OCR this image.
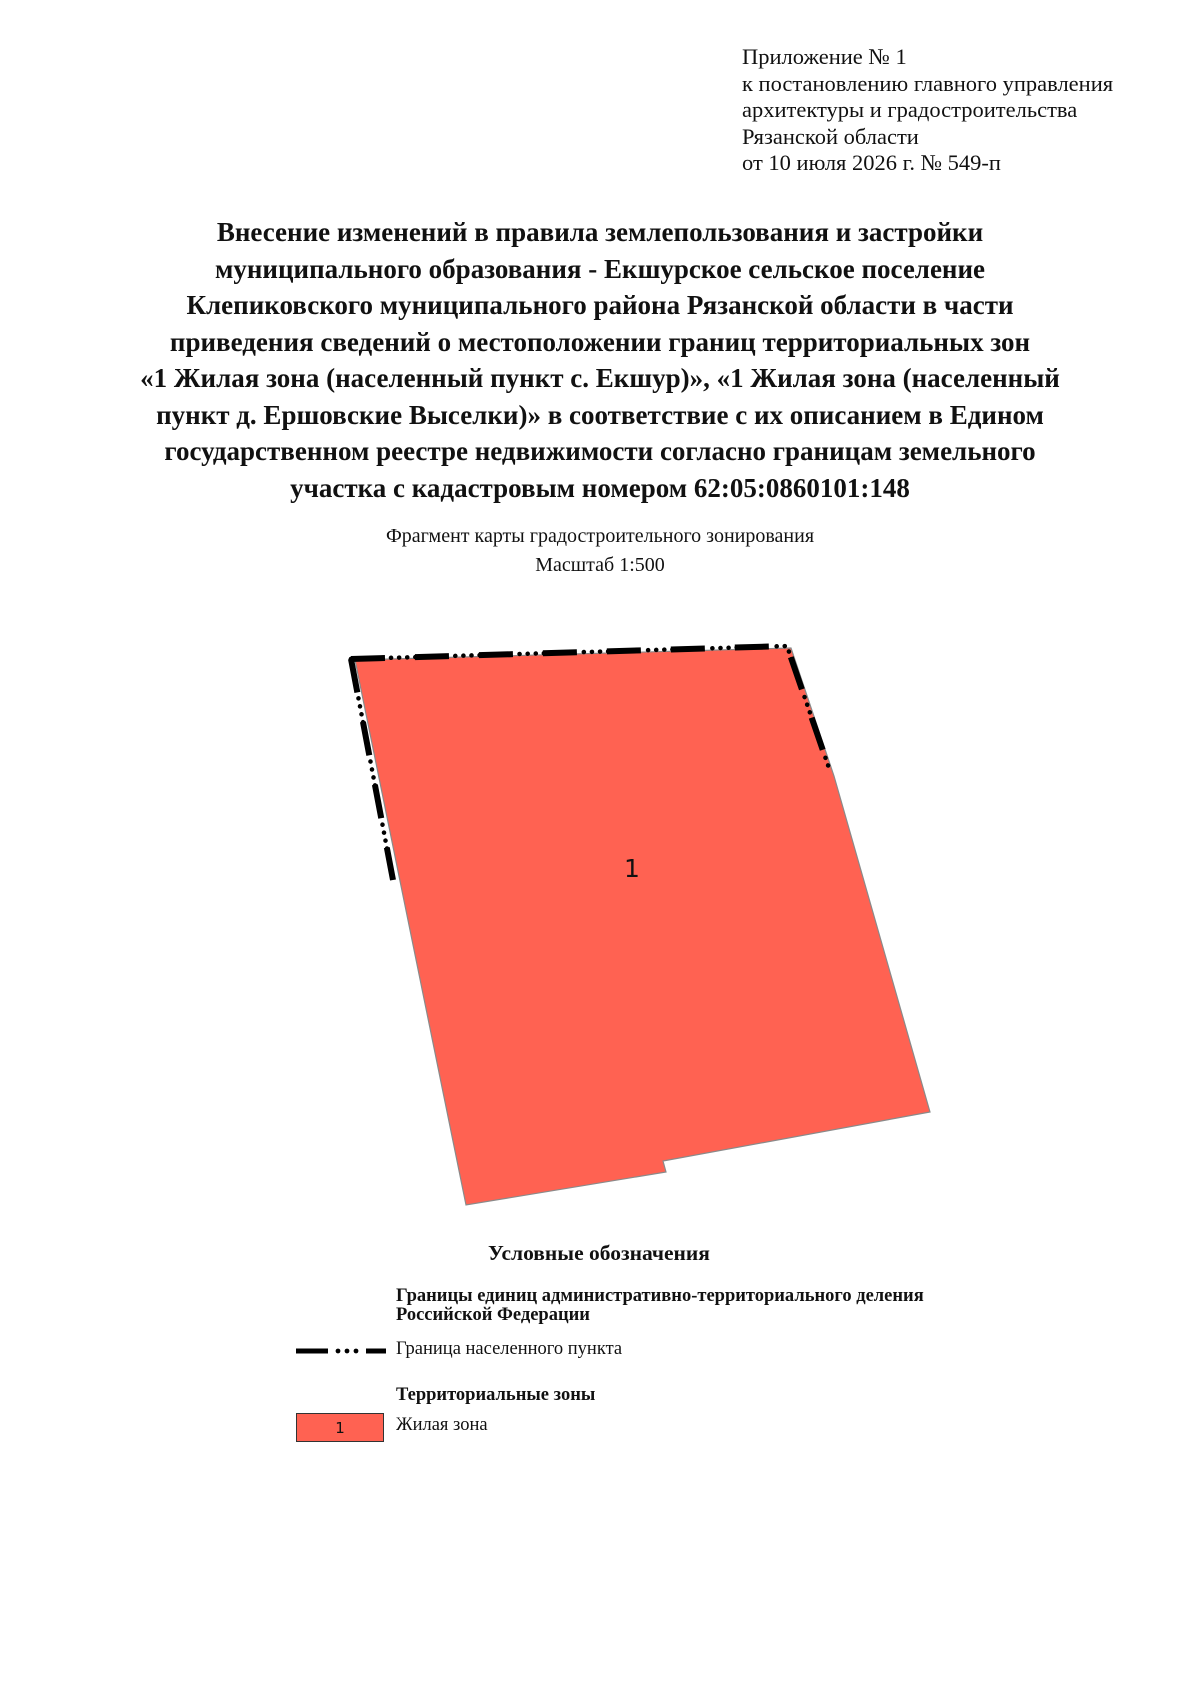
Приложение № 1
к постановлению главного управления
архитектуры и градостроительства
Рязанской области
от 10 июля 2026 г. № 549-п
Внесение изменений в правила землепользования и застройки
муниципального образования - Екшурское сельское поселение
Клепиковского муниципального района Рязанской области в части
приведения сведений о местоположении границ территориальных зон
«1 Жилая зона (населенный пункт с. Екшур)», «1 Жилая зона (населенный
пункт д. Ершовские Выселки)» в соответствие с их описанием в Едином
государственном реестре недвижимости согласно границам земельного
участка с кадастровым номером 62:05:0860101:148
Фрагмент карты градостроительного зонирования
Масштаб 1:500
1
Условные обозначения
Границы единиц административно-территориального деления
Российской Федерации
Граница населенного пункта
Территориальные зоны
1	Жилая зона
